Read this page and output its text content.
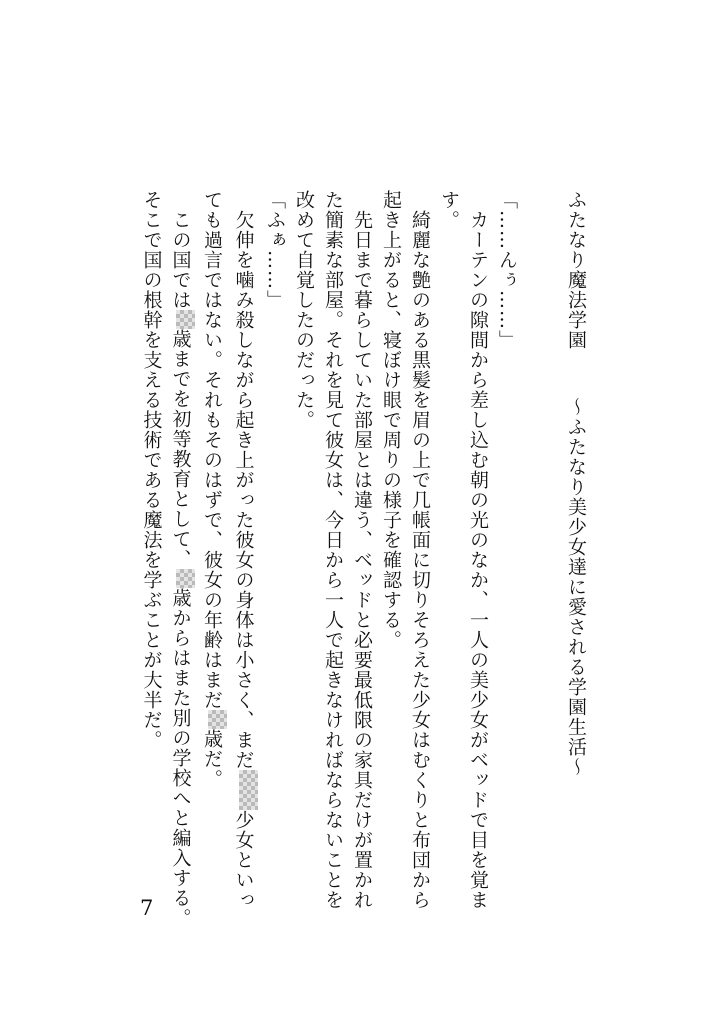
ふたなり魔法学園　～ふたなり美少女達に愛される学園生活～
「……んぅ……」
　カーテンの隙間から差し込む朝の光のなか、一人の美少女がベッドで目を覚ま
す。
　綺麗な艶のある黒髪を眉の上で几帳面に切りそろえた少女はむくりと布団から
起き上がると、寝ぼけ眼で周りの様子を確認する。
　先日まで暮らしていた部屋とは違う、ベッドと必要最低限の家具だけが置かれ
た簡素な部屋。それを見て彼女は、今日から一人で起きなければならないことを
改めて自覚したのだった。
「ふぁ……」
　欠伸を噛み殺しながら起き上がった彼女の身体は小さく、まだ少女といっ
ても過言ではない。それもそのはずで、彼女の年齢はまだ歳だ。
　この国では歳までを初等教育として、歳からはまた別の学校へと編入する。
そこで国の根幹を支える技術である魔法を学ぶことが大半だ。
7
